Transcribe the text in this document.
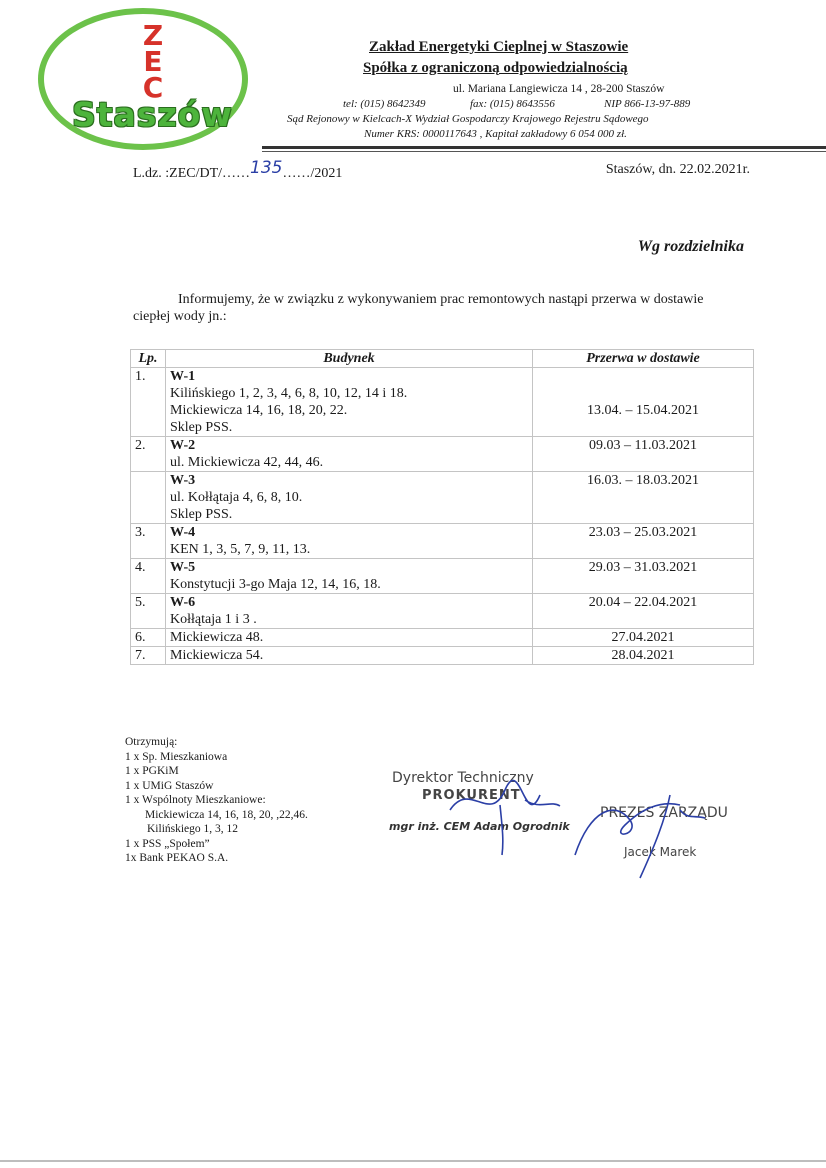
Z
E
C
Staszów
Zakład Energetyki Cieplnej w Staszowie
Spółka z ograniczoną odpowiedzialnością
ul. Mariana Langiewicza 14 , 28-200 Staszów
tel: (015) 8642349	fax: (015) 8643556	NIP 866-13-97-889
Sąd Rejonowy w Kielcach-X Wydział Gospodarczy Krajowego Rejestru Sądowego
Numer KRS: 0000117643 , Kapitał zakładowy 6 054 000 zł.
L.dz. :ZEC/DT/……135……/2021	Staszów, dn. 22.02.2021r.
Wg rozdzielnika
Informujemy, że w związku z wykonywaniem prac remontowych nastąpi przerwa w dostawie ciepłej wody jn.:
Lp.	Budynek	Przerwa w dostawie
1.	W-1
Kilińskiego 1, 2, 3, 4, 6, 8, 10, 12, 14 i 18.
Mickiewicza 14, 16, 18, 20, 22.
Sklep PSS.	13.04. – 15.04.2021

2.	W-2
ul. Mickiewicza 42, 44, 46.	09.03 – 11.03.2021

	W-3
ul. Kołłątaja 4, 6, 8, 10.
Sklep PSS.	16.03. – 18.03.2021

3.	W-4
KEN 1, 3, 5, 7, 9, 11, 13.	23.03 – 25.03.2021

4.	W-5
Konstytucji 3-go Maja 12, 14, 16, 18.	29.03 – 31.03.2021

5.	W-6
Kołłątaja 1 i 3 .	20.04 – 22.04.2021

6.	Mickiewicza 48.	27.04.2021
7.	Mickiewicza 54.	28.04.2021
Otrzymują:
1 x Sp. Mieszkaniowa
1 x PGKiM
1 x UMiG Staszów
1 x Wspólnoty Mieszkaniowe:
Mickiewicza 14, 16, 18, 20, ,22,46.
Kilińskiego 1, 3, 12
1 x PSS „Społem”
1x Bank PEKAO S.A.
Dyrektor Techniczny
PROKURENT
mgr inż. CEM Adam Ogrodnik
PREZES ZARZĄDU
Jacek Marek
